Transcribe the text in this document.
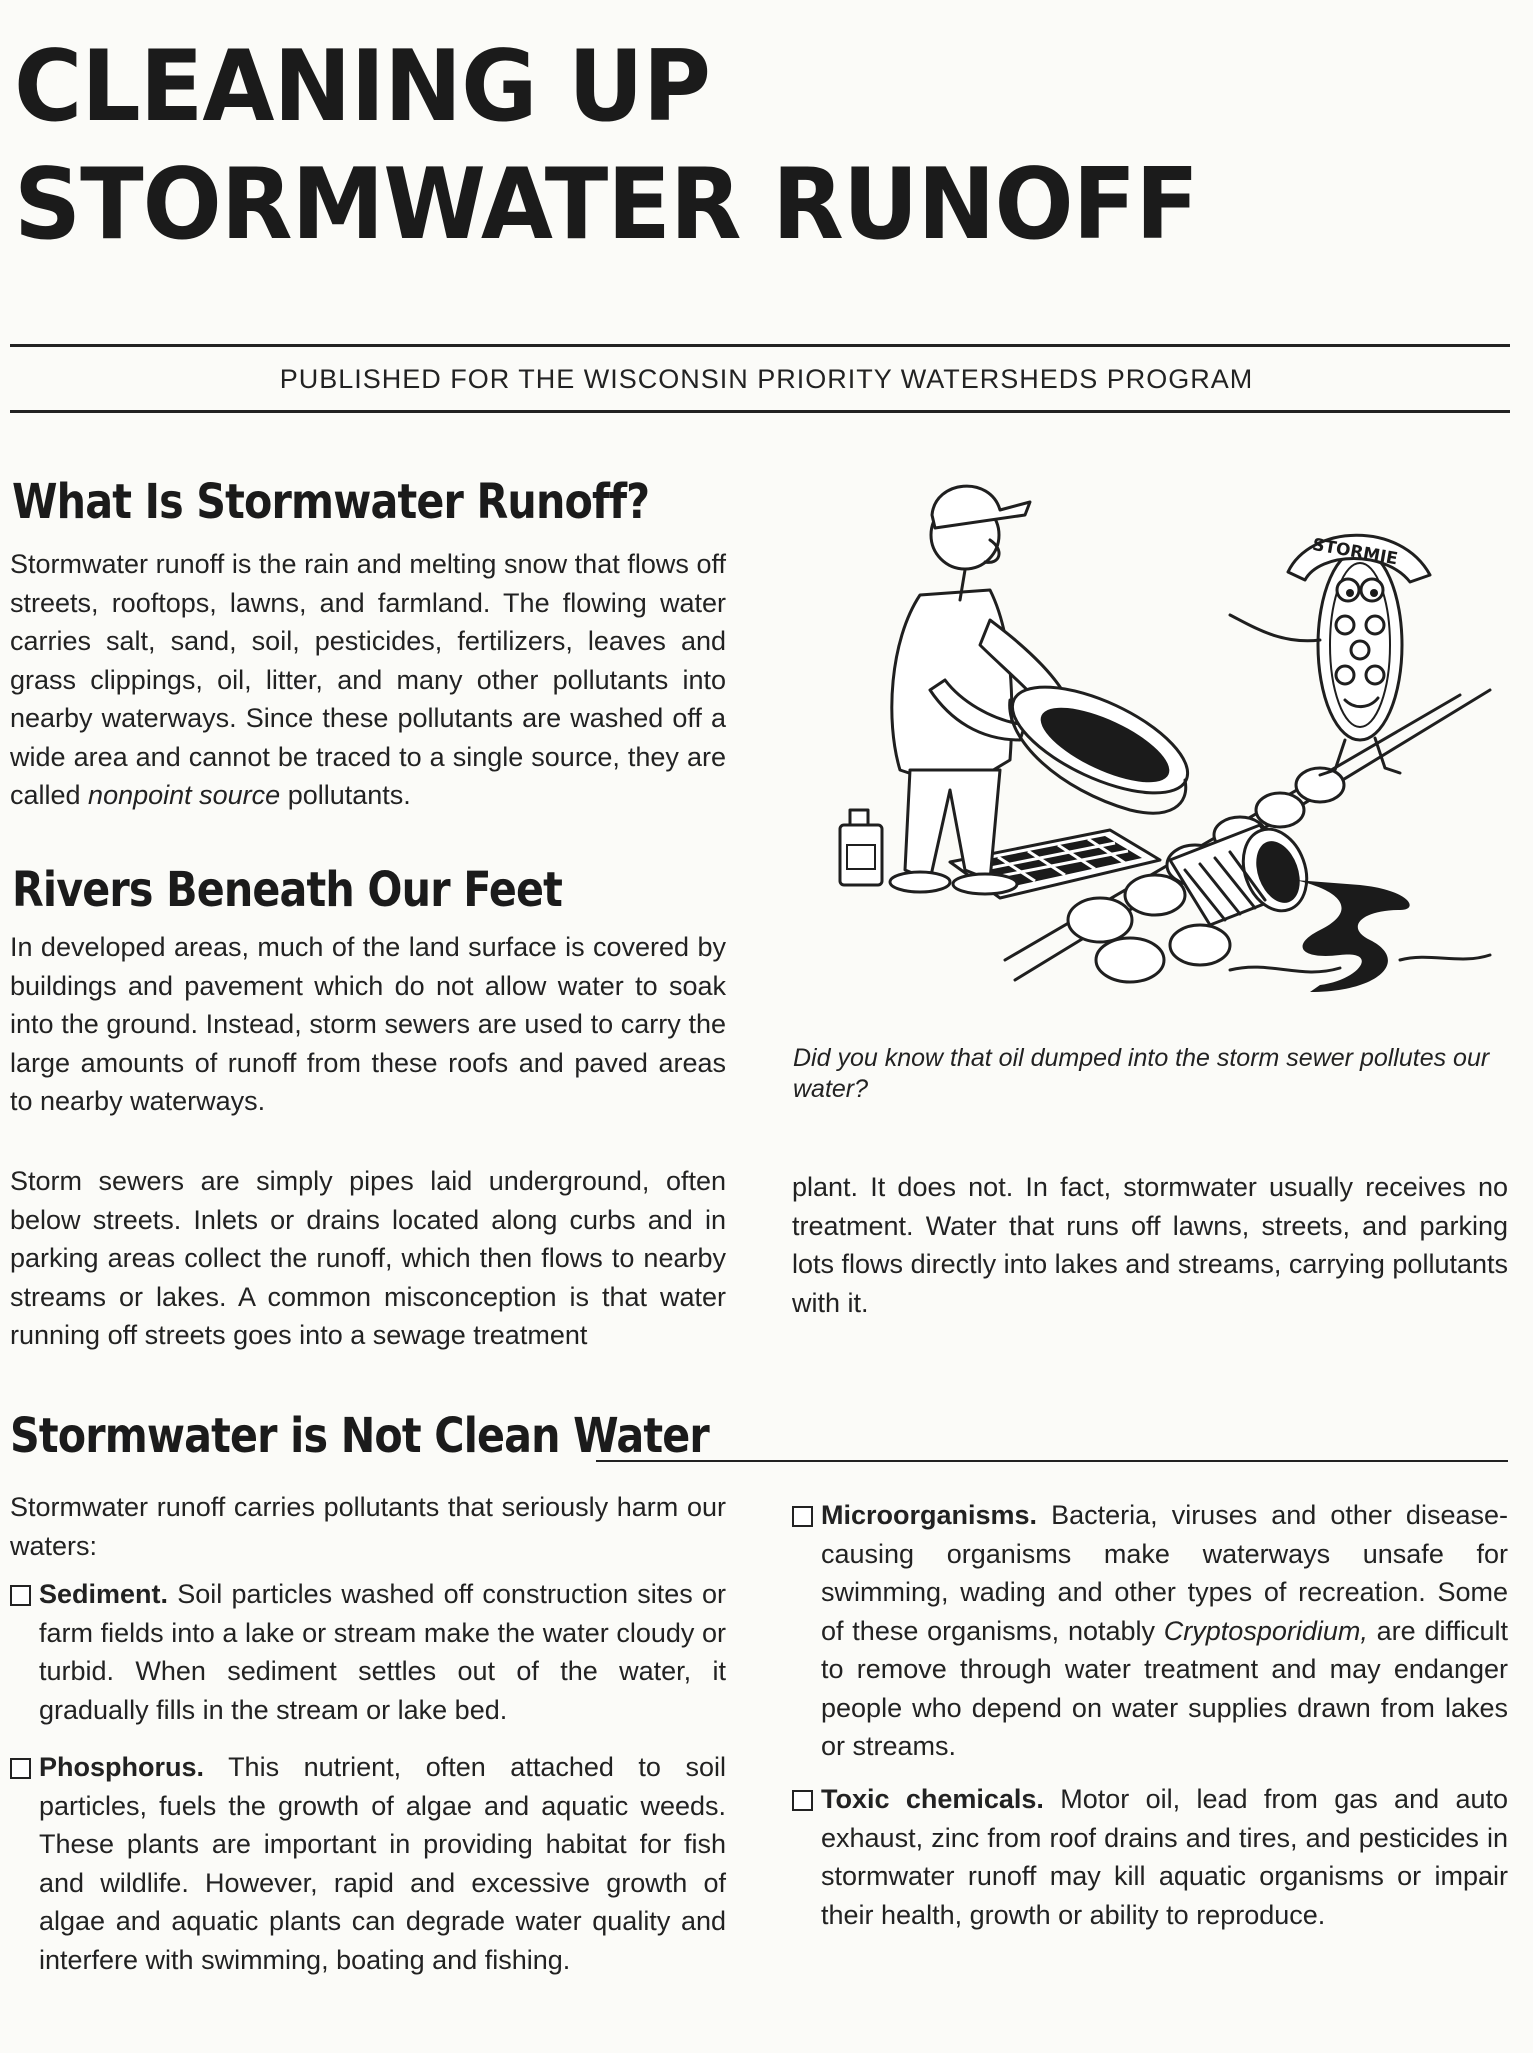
CLEANING UP
STORMWATER RUNOFF
PUBLISHED FOR THE WISCONSIN PRIORITY WATERSHEDS PROGRAM
What Is Stormwater Runoff?

Stormwater runoff is the rain and melting snow that flows off streets, rooftops, lawns, and farmland. The flowing water carries salt, sand, soil, pesticides, fertilizers, leaves and grass clippings, oil, litter, and many other pollutants into nearby waterways. Since these pollutants are washed off a wide area and cannot be traced to a single source, they are called nonpoint source pollutants.

Rivers Beneath Our Feet

In developed areas, much of the land surface is covered by buildings and pavement which do not allow water to soak into the ground. Instead, storm sewers are used to carry the large amounts of runoff from these roofs and paved areas to nearby waterways.

Storm sewers are simply pipes laid underground, often below streets. Inlets or drains located along curbs and in parking areas collect the runoff, which then flows to nearby streams or lakes. A common misconception is that water running off streets goes into a sewage treatment

plant. It does not. In fact, stormwater usually receives no treatment. Water that runs off lawns, streets, and parking lots flows directly into lakes and streams, carrying pollutants with it.

STORMIE

Did you know that oil dumped into the storm sewer pollutes our water?

Stormwater is Not Clean Water

Stormwater runoff carries pollutants that seriously harm our waters:

Sediment. Soil particles washed off construction sites or farm fields into a lake or stream make the water cloudy or turbid. When sediment settles out of the water, it gradually fills in the stream or lake bed.

Phosphorus. This nutrient, often attached to soil particles, fuels the growth of algae and aquatic weeds. These plants are important in providing habitat for fish and wildlife. However, rapid and excessive growth of algae and aquatic plants can degrade water quality and interfere with swimming, boating and fishing.

Microorganisms. Bacteria, viruses and other disease-causing organisms make waterways unsafe for swimming, wading and other types of recreation. Some of these organisms, notably Cryptosporidium, are difficult to remove through water treatment and may endanger people who depend on water supplies drawn from lakes or streams.

Toxic chemicals. Motor oil, lead from gas and auto exhaust, zinc from roof drains and tires, and pesticides in stormwater runoff may kill aquatic organisms or impair their health, growth or ability to reproduce.
